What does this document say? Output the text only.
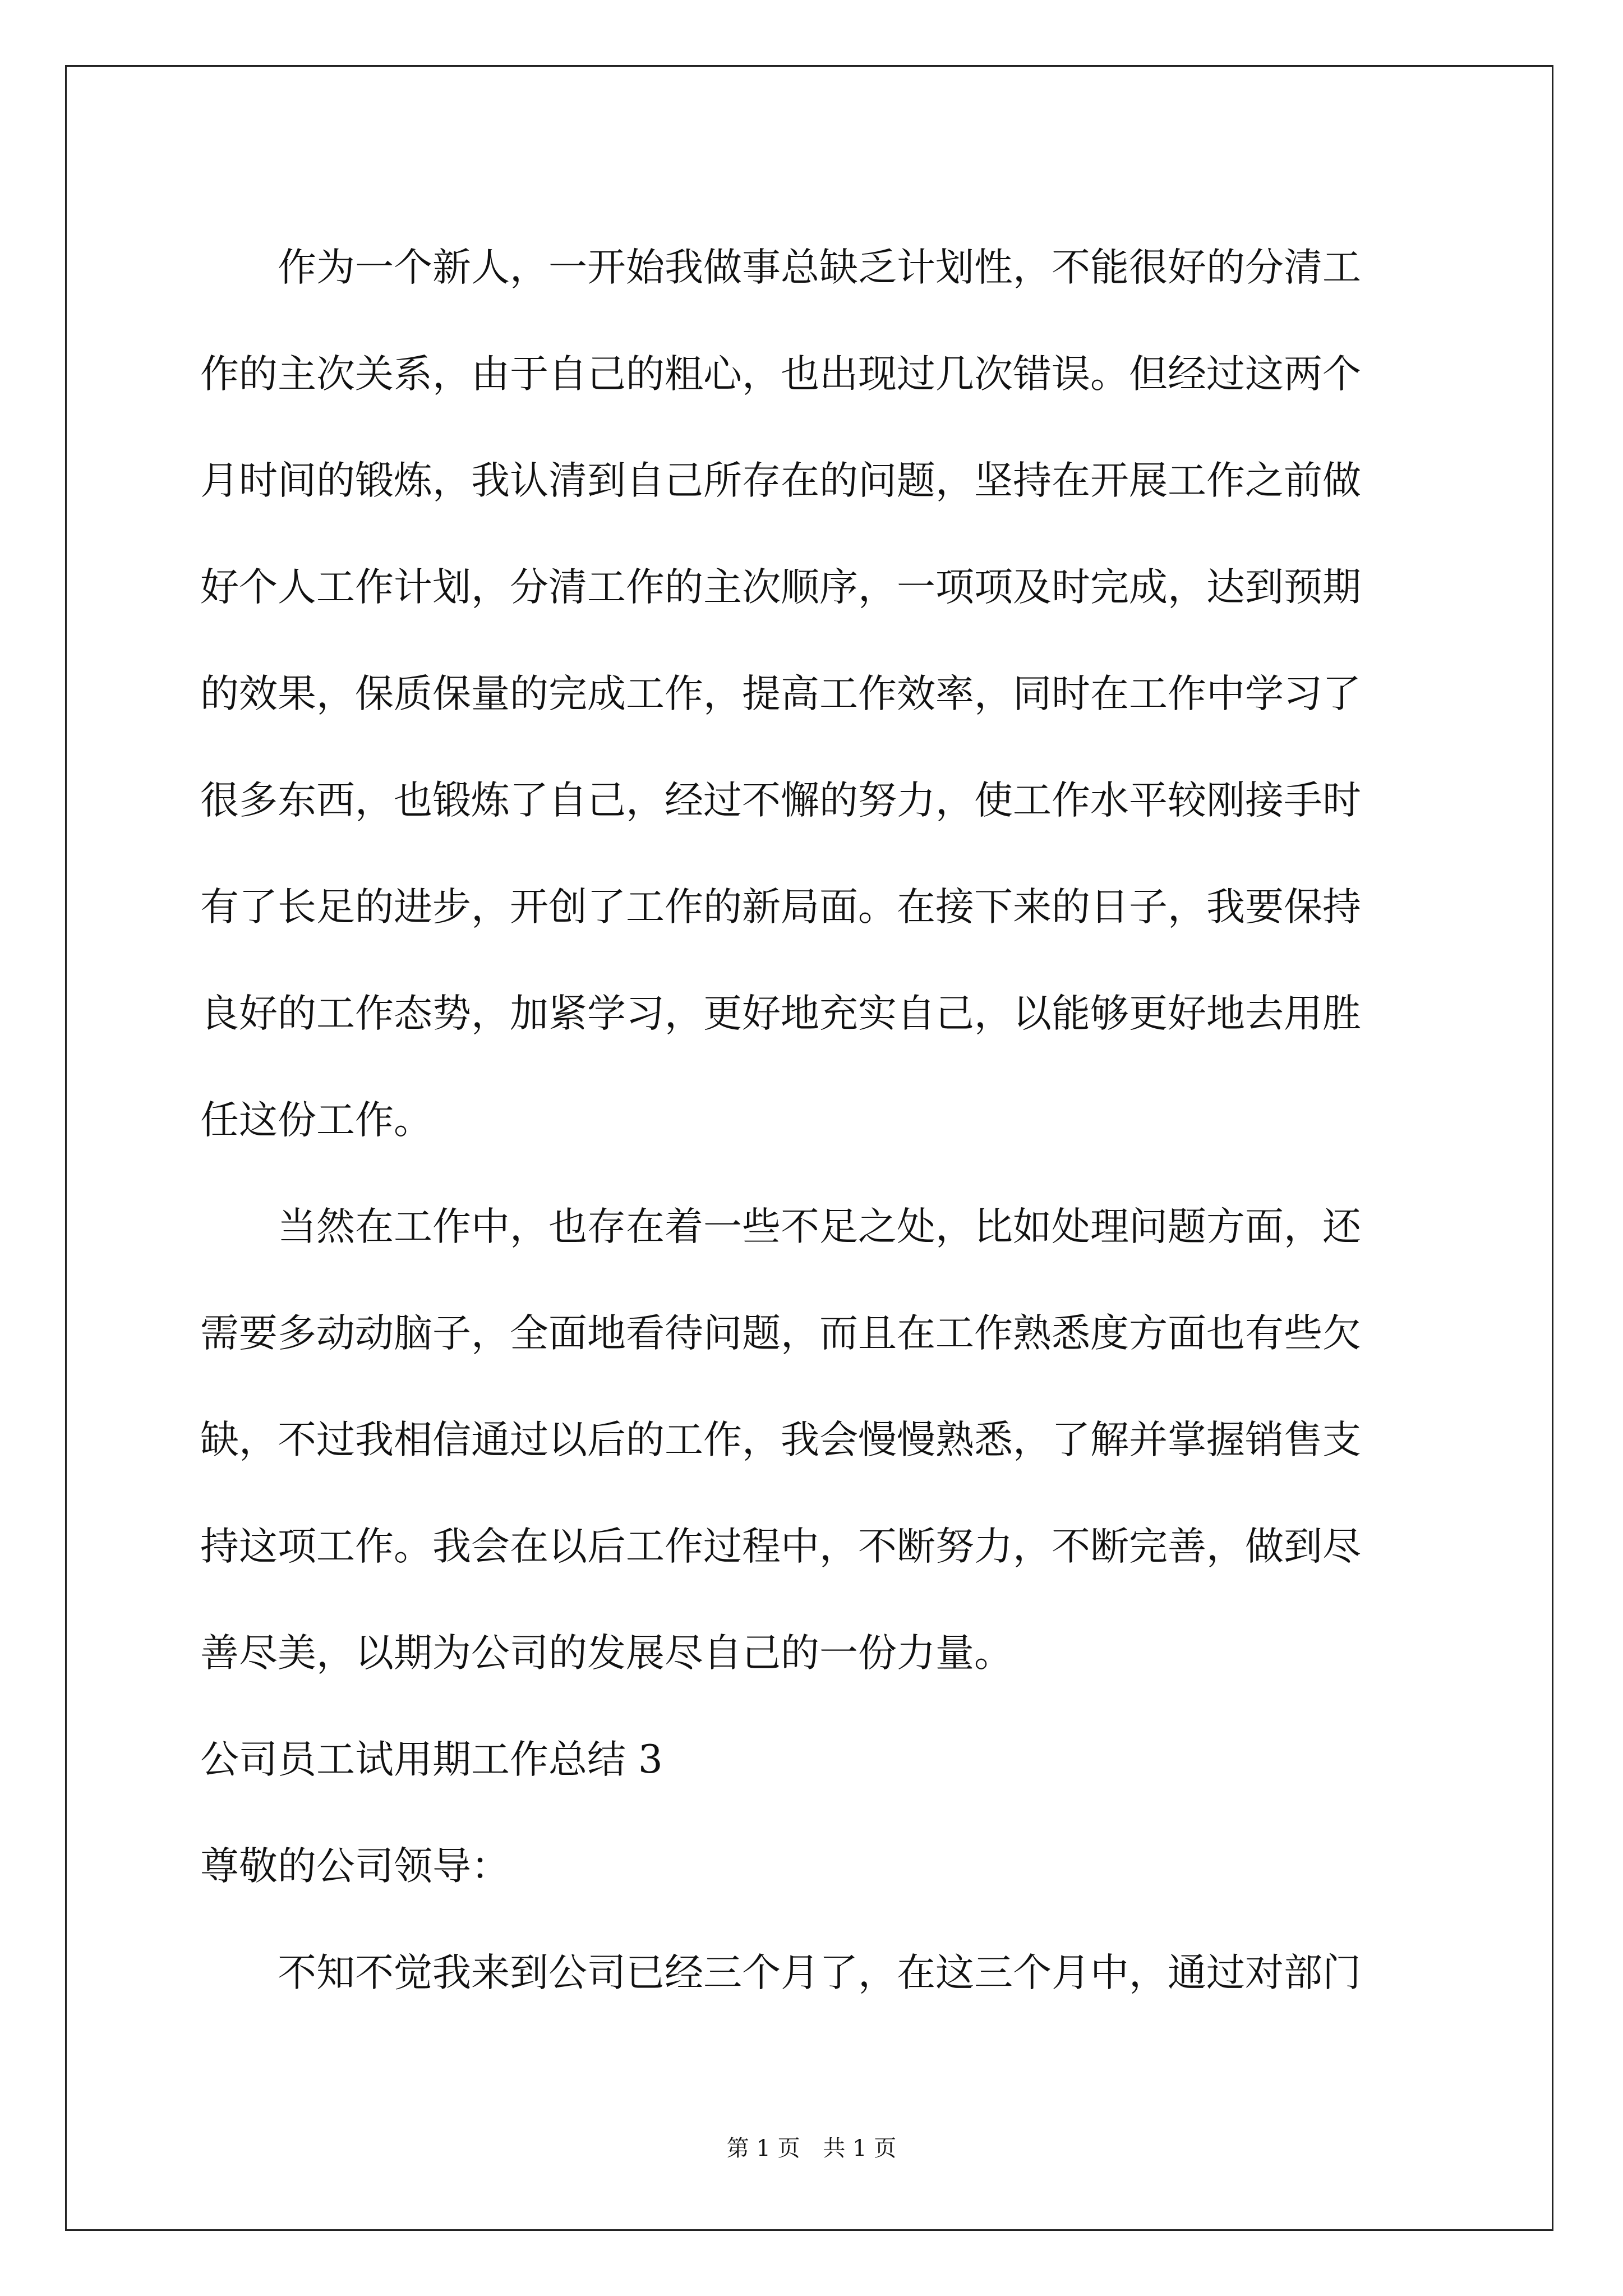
　　作为一个新人，一开始我做事总缺乏计划性，不能很好的分清工
作的主次关系，由于自己的粗心，也出现过几次错误。但经过这两个
月时间的锻炼，我认清到自己所存在的问题，坚持在开展工作之前做
好个人工作计划，分清工作的主次顺序，一项项及时完成，达到预期
的效果，保质保量的完成工作，提高工作效率，同时在工作中学习了
很多东西，也锻炼了自己，经过不懈的努力，使工作水平较刚接手时
有了长足的进步，开创了工作的新局面。在接下来的日子，我要保持
良好的工作态势，加紧学习，更好地充实自己，以能够更好地去用胜
任这份工作。
　　当然在工作中，也存在着一些不足之处，比如处理问题方面，还
需要多动动脑子，全面地看待问题，而且在工作熟悉度方面也有些欠
缺，不过我相信通过以后的工作，我会慢慢熟悉，了解并掌握销售支
持这项工作。我会在以后工作过程中，不断努力，不断完善，做到尽
善尽美，以期为公司的发展尽自己的一份力量。
公司员工试用期工作总结 3
尊敬的公司领导：
　　不知不觉我来到公司已经三个月了，在这三个月中，通过对部门
第 1 页 共 1 页
